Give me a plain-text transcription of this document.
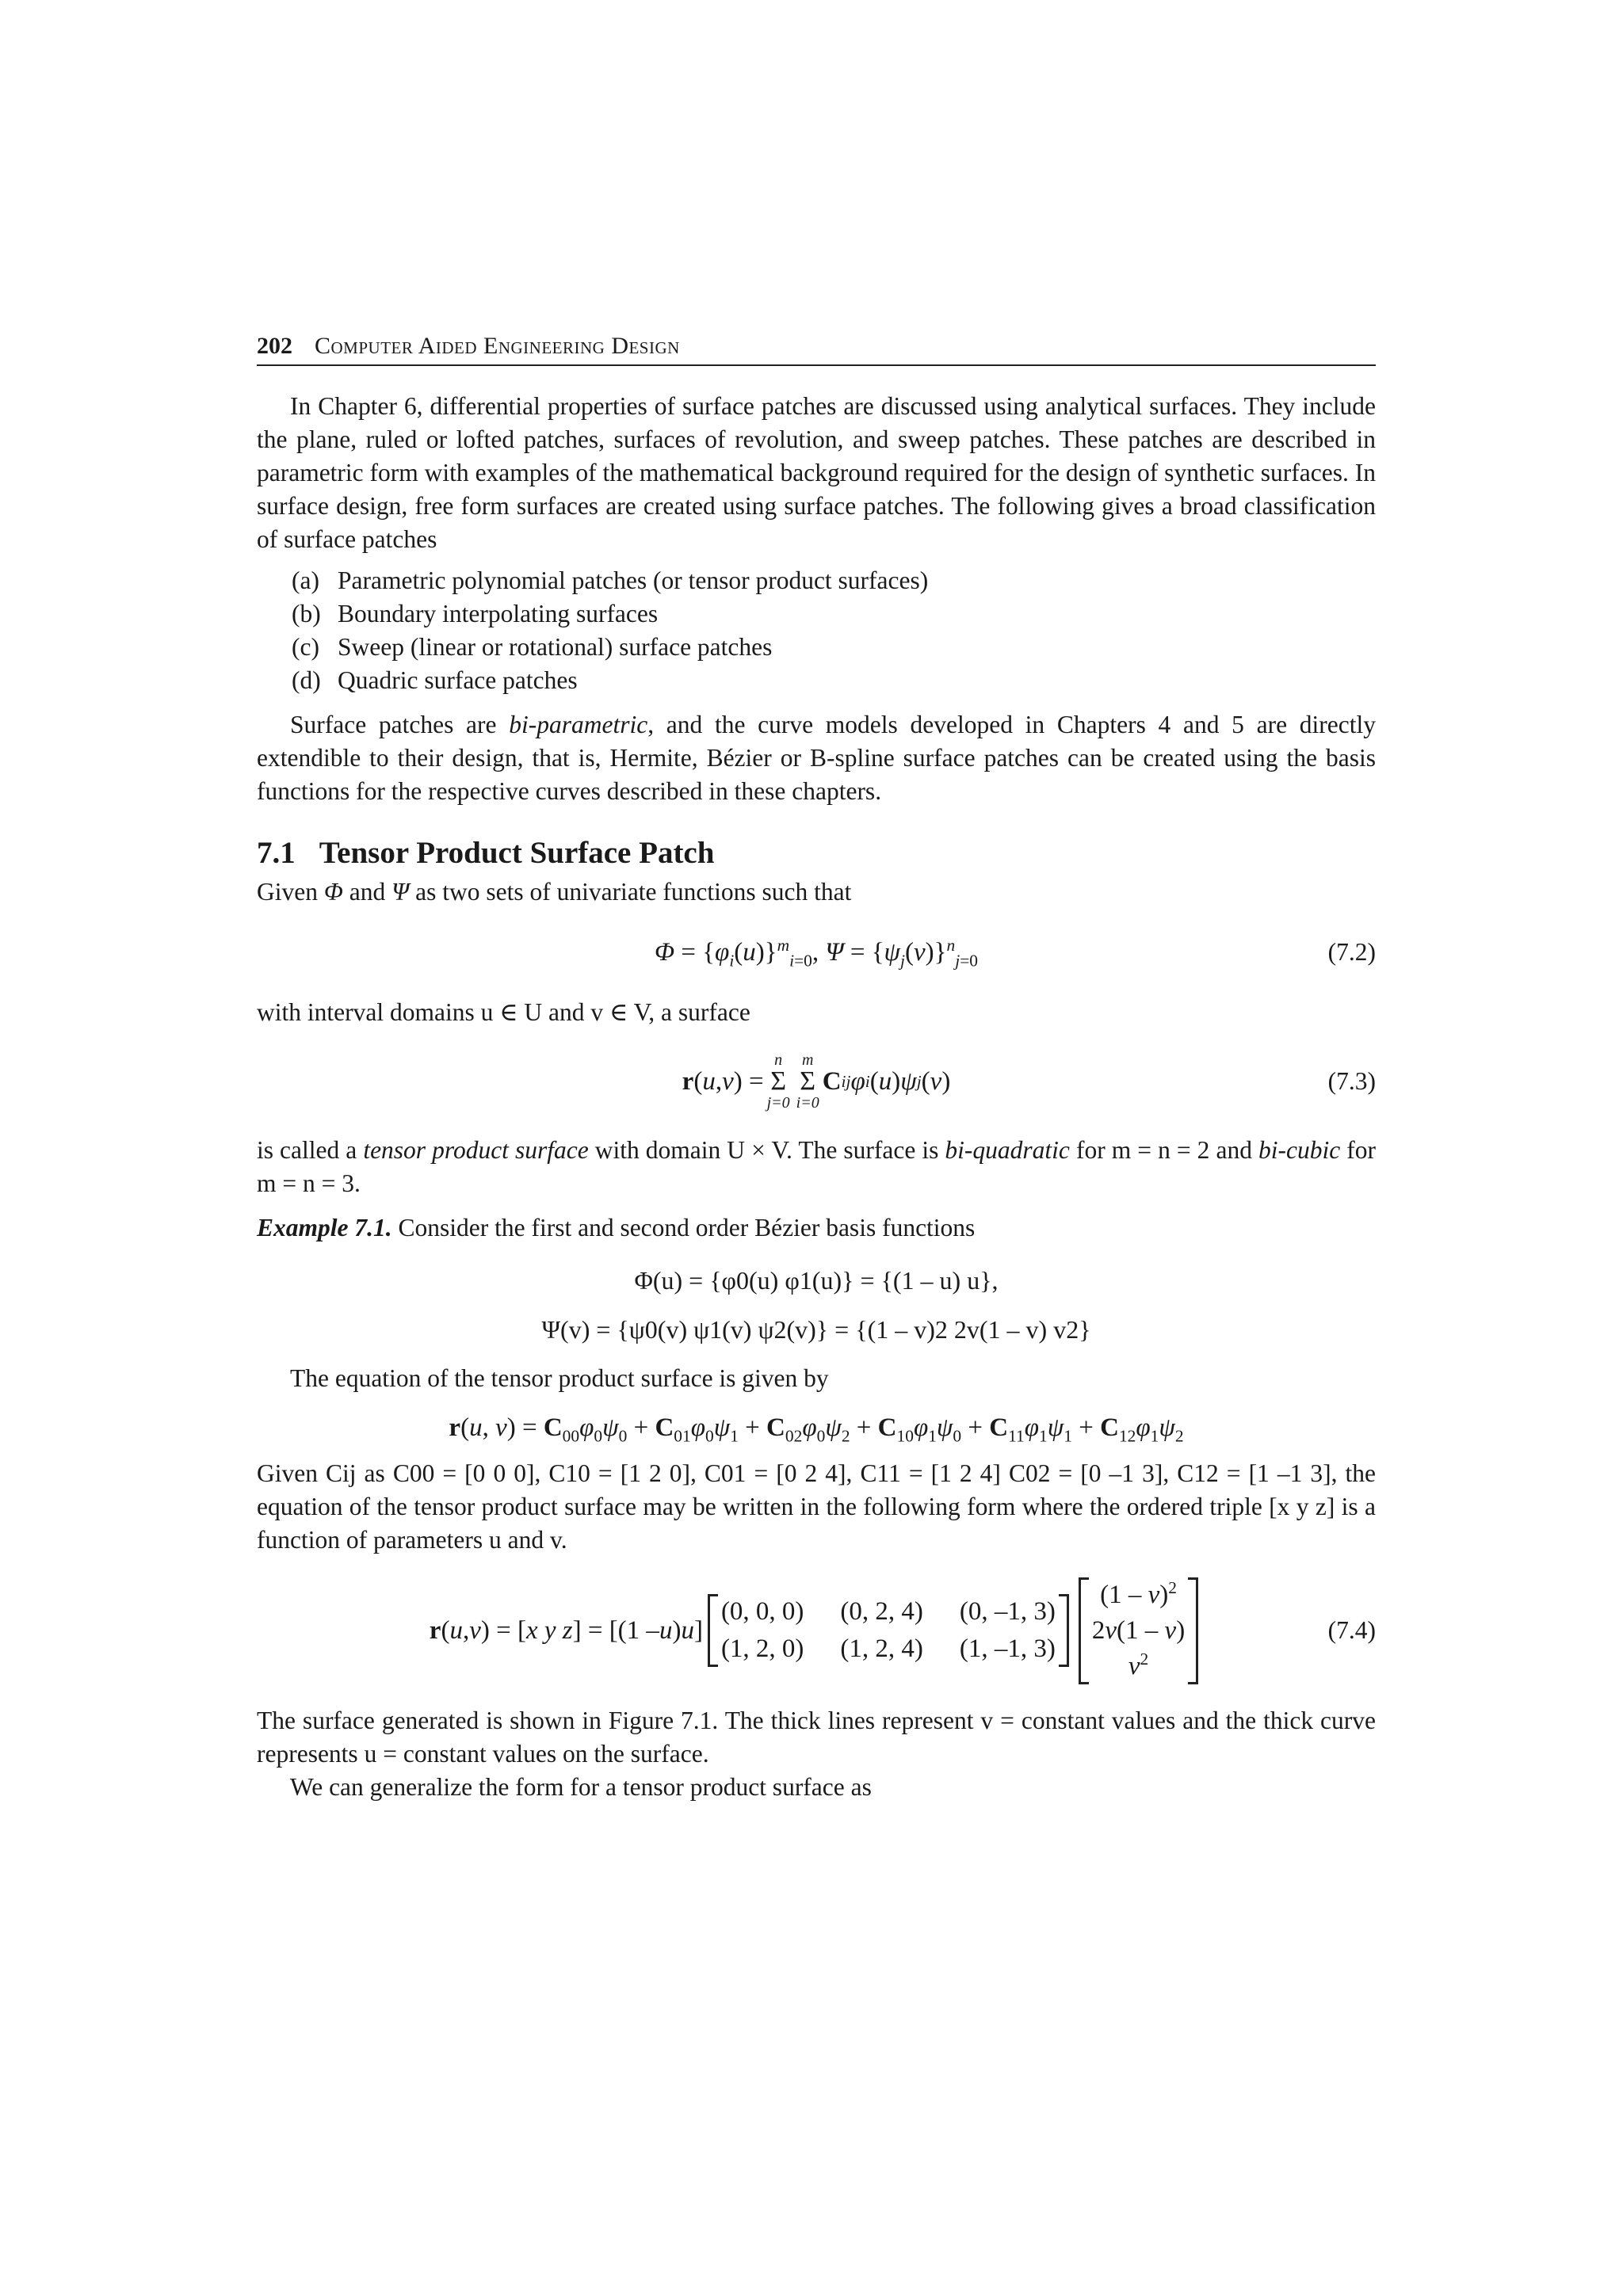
202 Computer Aided Engineering Design

In Chapter 6, differential properties of surface patches are discussed using analytical surfaces. They include the plane, ruled or lofted patches, surfaces of revolution, and sweep patches. These patches are described in parametric form with examples of the mathematical background required for the design of synthetic surfaces. In surface design, free form surfaces are created using surface patches. The following gives a broad classification of surface patches

(a) Parametric polynomial patches (or tensor product surfaces)
(b) Boundary interpolating surfaces
(c) Sweep (linear or rotational) surface patches
(d) Quadric surface patches

Surface patches are bi-parametric, and the curve models developed in Chapters 4 and 5 are directly extendible to their design, that is, Hermite, Bézier or B-spline surface patches can be created using the basis functions for the respective curves described in these chapters.

7.1 Tensor Product Surface Patch

Given Φ and Ψ as two sets of univariate functions such that

$\Phi = \{\varphi_i(u)\}^m_{i=0}$, $\Psi = \{\psi_j(v)\}^n_{j=0}$	(7.2)

with interval domains u ∈ U and v ∈ V, a surface

r ( u , v ) =
n
Σ
j=0
m
Σ
i=0
C ij φ i ( u ) ψ j ( v )	(7.3)

is called a tensor product surface with domain U × V. The surface is bi-quadratic for m = n = 2 and bi-cubic for m = n = 3.

Example 7.1. Consider the first and second order Bézier basis functions

Φ(u) = {φ0(u) φ1(u)} = {(1 – u) u},
Ψ(v) = {ψ0(v) ψ1(v) ψ2(v)} = {(1 – v)2 2v(1 – v) v2}

The equation of the tensor product surface is given by

r(u, $v) = C_{00}\varphi_0\psi_0 + C_{01}\varphi_0\psi_1 + C_{02}\varphi_0\psi_2 + C_{10}\varphi_1\psi_0 + C_{11}\varphi_1\psi_1 + C_{12}\varphi_1\psi_2$

Given Cij as C00 = [0 0 0], C10 = [1 2 0], C01 = [0 2 4], C11 = [1 2 4] C02 = [0 –1 3], C12 = [1 –1 3], the equation of the tensor product surface may be written in the following form where the ordered triple [x y z] is a function of parameters u and v.

r ( u , v ) = [ x
y
z ] = [(1 – u ) u ]
(0, 0, 0) (0, 2, 4) (0, –1, 3)
(1, 2, 0) (1, 2, 4) (1, –1, 3)
(1 – v)$^2$
2v(1 – v)
$v^2$
(7.4)

The surface generated is shown in Figure 7.1. The thick lines represent v = constant values and the thick curve represents u = constant values on the surface.

We can generalize the form for a tensor product surface as
